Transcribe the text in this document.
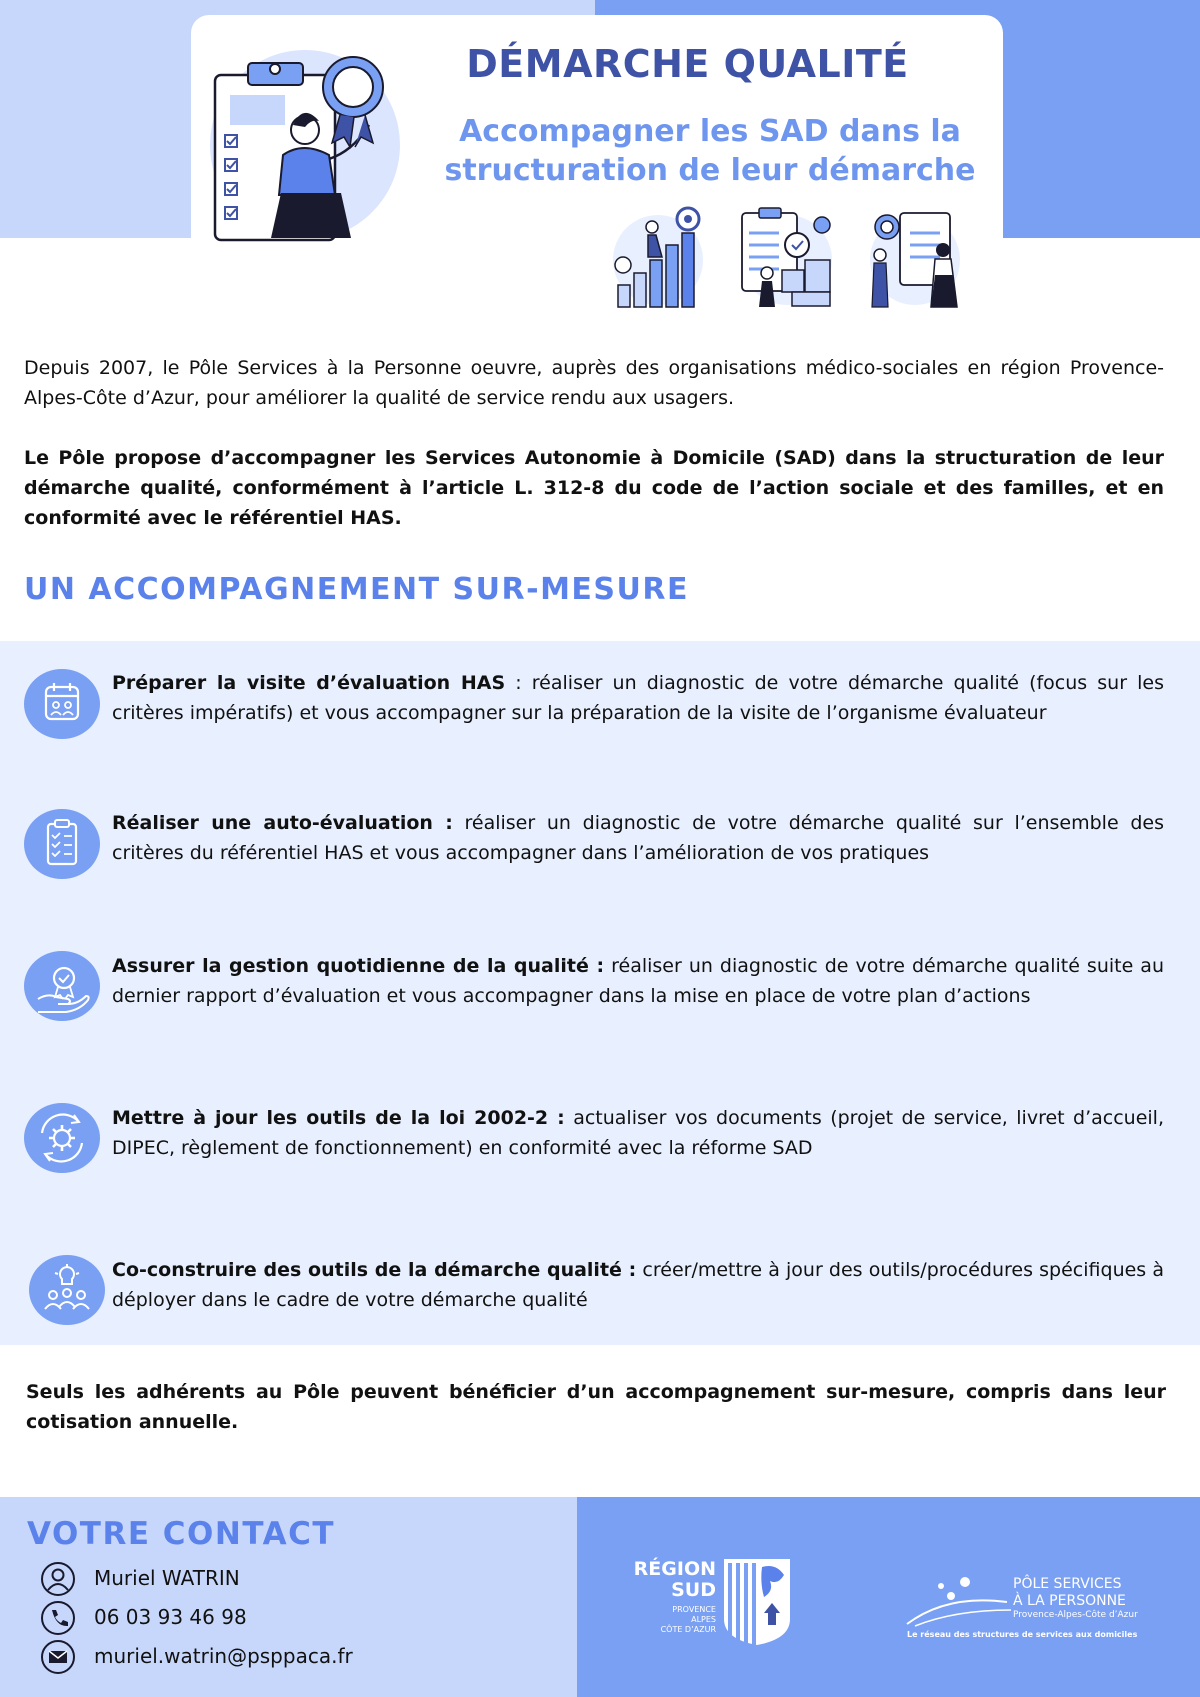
DÉMARCHE QUALITÉ
Accompagner les SAD dans la
structuration de leur démarche

Depuis 2007, le Pôle Services à la Personne oeuvre, auprès des organisations médico-sociales en région Provence-Alpes-Côte d’Azur, pour améliorer la qualité de service rendu aux usagers.

Le Pôle propose d’accompagner les Services Autonomie à Domicile (SAD) dans la structuration de leur démarche qualité, conformément à l’article L. 312-8 du code de l’action sociale et des familles, et en conformité avec le référentiel HAS.

UN ACCOMPAGNEMENT SUR-MESURE
Préparer la visite d’évaluation HAS : réaliser un diagnostic de votre démarche qualité (focus sur les critères impératifs) et vous accompagner sur la préparation de la visite de l’organisme évaluateur
Réaliser une auto-évaluation : réaliser un diagnostic de votre démarche qualité sur l’ensemble des critères du référentiel HAS et vous accompagner dans l’amélioration de vos pratiques
Assurer la gestion quotidienne de la qualité : réaliser un diagnostic de votre démarche qualité suite au dernier rapport d’évaluation et vous accompagner dans la mise en place de votre plan d’actions
Mettre à jour les outils de la loi 2002-2 : actualiser vos documents (projet de service, livret d’accueil, DIPEC, règlement de fonctionnement) en conformité avec la réforme SAD
Co-construire des outils de la démarche qualité : créer/mettre à jour des outils/procédures spécifiques à déployer dans le cadre de votre démarche qualité

Seuls les adhérents au Pôle peuvent bénéficier d’un accompagnement sur-mesure, compris dans leur cotisation annuelle.

VOTRE CONTACT
Muriel WATRIN
06 03 93 46 98
muriel.watrin@psppaca.fr
RÉGION
SUD
PROVENCE
ALPES
CÔTE D’AZUR
PÔLE SERVICES
À LA PERSONNE
Provence-Alpes-Côte d’Azur
Le réseau des structures de services aux domiciles
